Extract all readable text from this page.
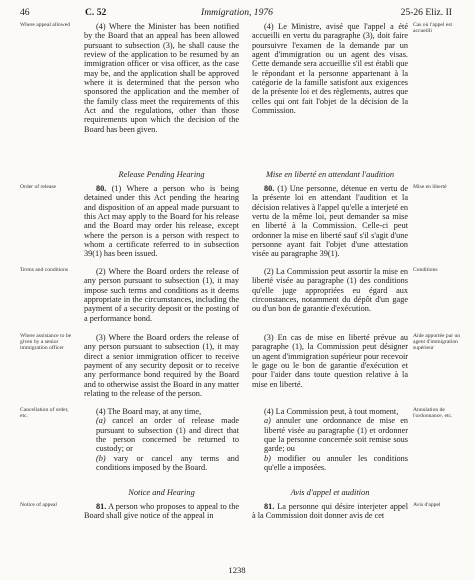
Immigration, 1976
46	C. 52	25-26 Eliz. II
Where appeal allowed	(4) Where the Minister has been notified by the Board that an appeal has been allowed pursuant to subsection (3), he shall cause the review of the application to be resumed by an immigration officer or visa officer, as the case may be, and the application shall be approved where it is determined that the person who sponsored the application and the member of the family class meet the requirements of this Act and the regulations, other than those requirements upon which the decision of the Board has been given.

(4) Le Ministre, avisé que l'appel a été accueilli en vertu du paragraphe (3), doit faire poursuivre l'examen de la demande par un agent d'immigration ou un agent des visas. Cette demande sera accueillie s'il est établi que le répondant et la personne appartenant à la catégorie de la famille satisfont aux exigences de la présente loi et des règlements, autres que celles qui ont fait l'objet de la décision de la Commission.

Cas où l'appel est accueilli
Release Pending Hearing	Mise en liberté en attendant l'audition
Order of release	80. (1) Where a person who is being detained under this Act pending the hearing and disposition of an appeal made pursuant to this Act may apply to the Board for his release and the Board may order his release, except where the person is a person with respect to whom a certificate referred to in subsection 39(1) has been issued.

80. (1) Une personne, détenue en vertu de la présente loi en attendant l'audition et la décision relatives à l'appel qu'elle a interjeté en vertu de la même loi, peut demander sa mise en liberté à la Commission. Celle-ci peut ordonner la mise en liberté sauf s'il s'agit d'une personne ayant fait l'objet d'une attestation visée au paragraphe 39(1).

Mise en liberté
Terms and conditions	(2) Where the Board orders the release of any person pursuant to subsection (1), it may impose such terms and conditions as it deems appropriate in the circumstances, including the payment of a security deposit or the posting of a performance bond.

(2) La Commission peut assortir la mise en liberté visée au paragraphe (1) des conditions qu'elle juge appropriées eu égard aux circonstances, notamment du dépôt d'un gage ou d'un bon de garantie d'exécution.

Conditions
Where assistance to be given by a senior immigration officer

(3) Where the Board orders the release of any person pursuant to subsection (1), it may direct a senior immigration officer to receive payment of any security deposit or to receive any performance bond required by the Board and to otherwise assist the Board in any matter relating to the release of the person.

(3) En cas de mise en liberté prévue au paragraphe (1), la Commission peut désigner un agent d'immigration supérieur pour recevoir le gage ou le bon de garantie d'exécution et pour l'aider dans toute question relative à la mise en liberté.

Aide apportée par un agent d'immigration supérieur
Cancellation of order, etc.

(4) The Board may, at any time,

(a) cancel an order of release made pursuant to subsection (1) and direct that the person concerned be returned to custody; or

(b) vary or cancel any terms and conditions imposed by the Board.

(4) La Commission peut, à tout moment,

a) annuler une ordonnance de mise en liberté visée au paragraphe (1) et ordonner que la personne concernée soit remise sous garde; ou

b) modifier ou annuler les conditions qu'elle a imposées.

Annulation de l'ordonnance, etc.
Notice and Hearing	Avis d'appel et audition
Notice of appeal	81. A person who proposes to appeal to the Board shall give notice of the appeal in

81. La personne qui désire interjeter appel à la Commission doit donner avis de cet

Avis d'appel
1238
